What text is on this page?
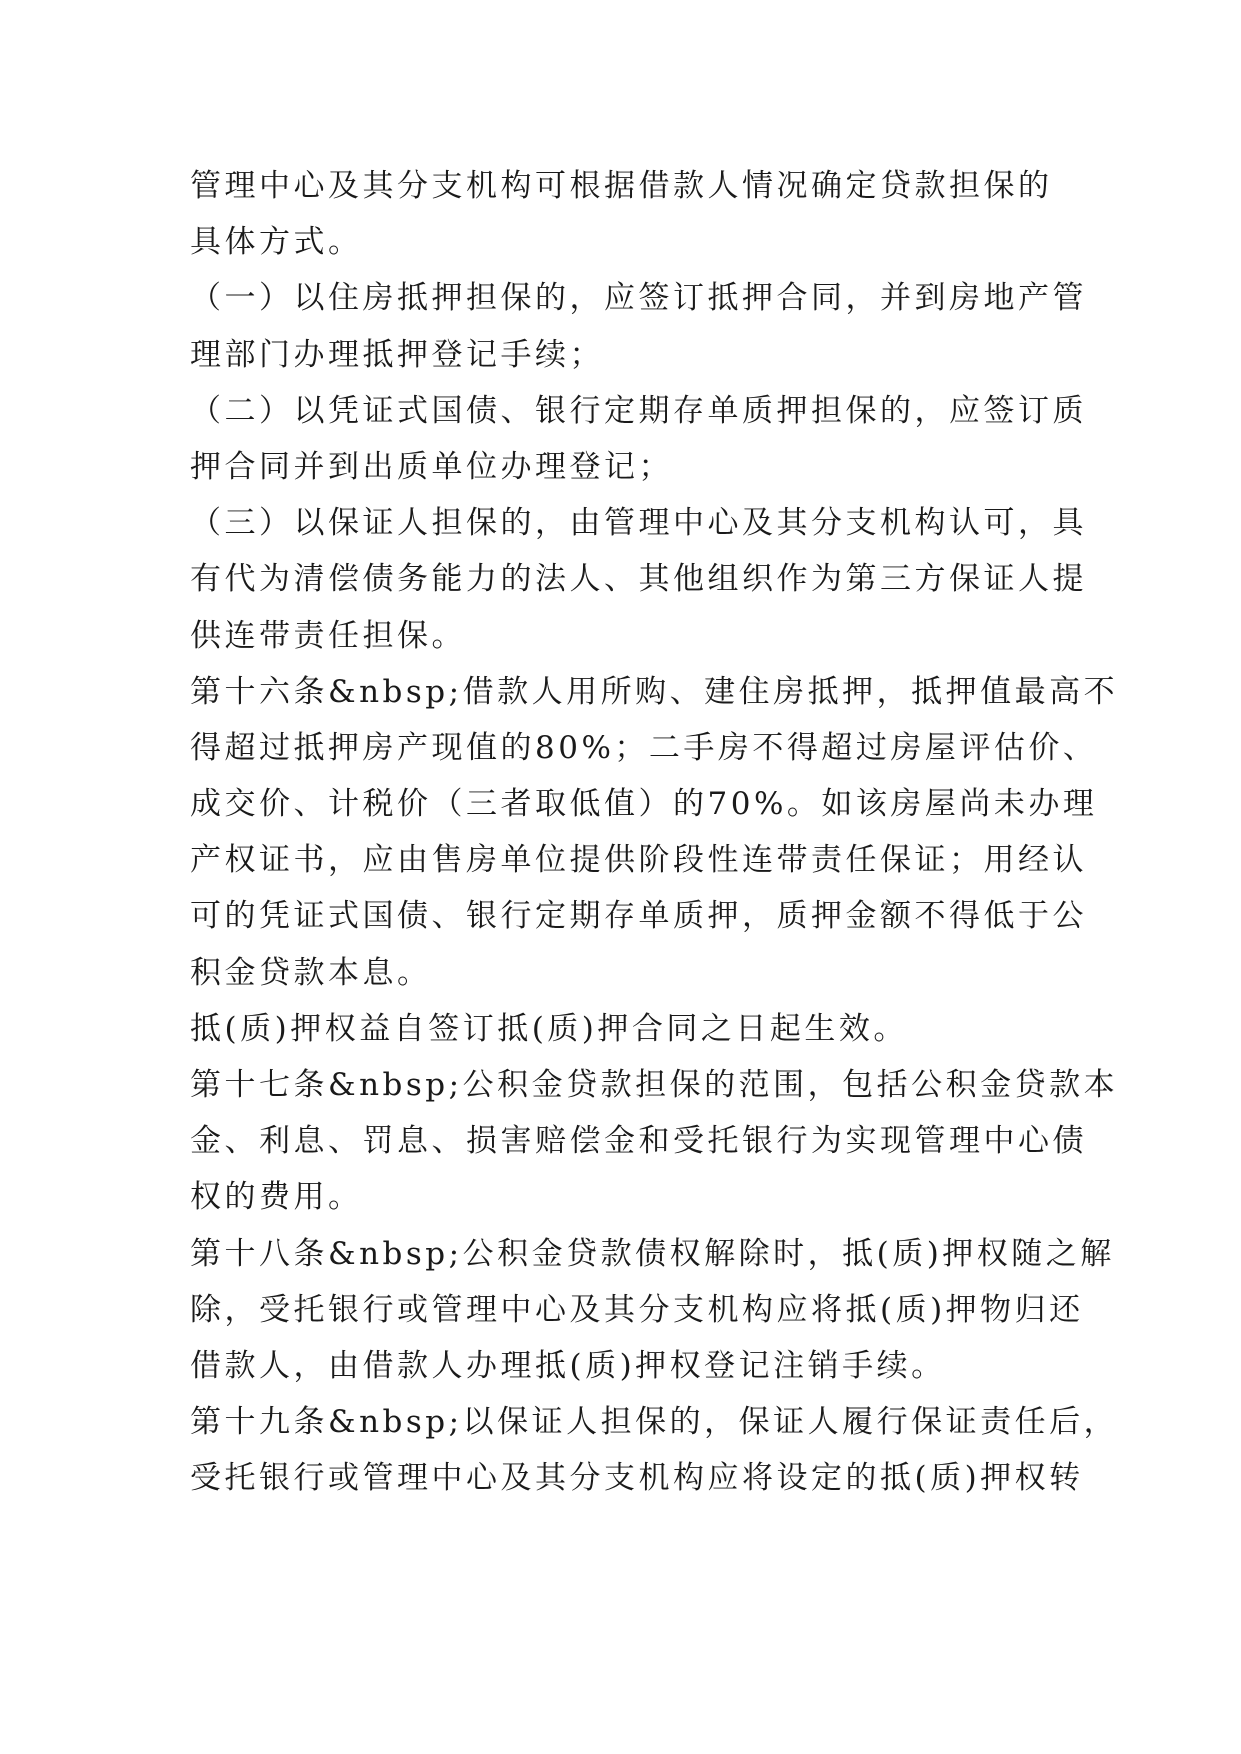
管理中心及其分支机构可根据借款人情况确定贷款担保的

具体方式。

（一）以住房抵押担保的，应签订抵押合同，并到房地产管

理部门办理抵押登记手续；

（二）以凭证式国债、银行定期存单质押担保的，应签订质

押合同并到出质单位办理登记；

（三）以保证人担保的，由管理中心及其分支机构认可，具

有代为清偿债务能力的法人、其他组织作为第三方保证人提

供连带责任担保。

第十六条&nbsp;借款人用所购、建住房抵押，抵押值最高不

得超过抵押房产现值的80%；二手房不得超过房屋评估价、

成交价、计税价（三者取低值）的70%。如该房屋尚未办理

产权证书，应由售房单位提供阶段性连带责任保证；用经认

可的凭证式国债、银行定期存单质押，质押金额不得低于公

积金贷款本息。

抵(质)押权益自签订抵(质)押合同之日起生效。

第十七条&nbsp;公积金贷款担保的范围，包括公积金贷款本

金、利息、罚息、损害赔偿金和受托银行为实现管理中心债

权的费用。

第十八条&nbsp;公积金贷款债权解除时，抵(质)押权随之解

除，受托银行或管理中心及其分支机构应将抵(质)押物归还

借款人，由借款人办理抵(质)押权登记注销手续。

第十九条&nbsp;以保证人担保的，保证人履行保证责任后，

受托银行或管理中心及其分支机构应将设定的抵(质)押权转
